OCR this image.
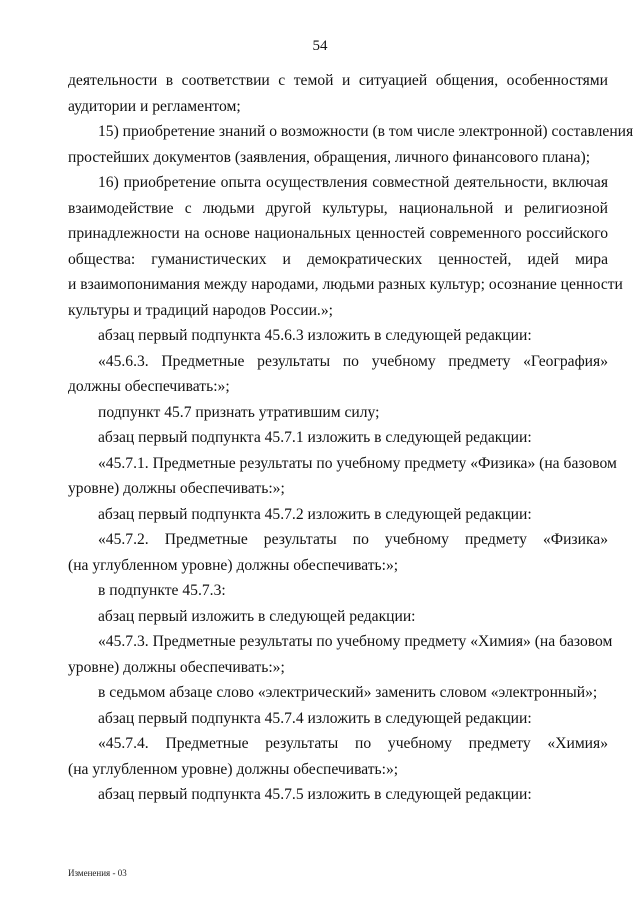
54

деятельности в соответствии с темой и ситуацией общения, особенностями
аудитории и регламентом;

15) приобретение знаний о возможности (в том числе электронной) составления
простейших документов (заявления, обращения, личного финансового плана);

16) приобретение опыта осуществления совместной деятельности, включая
взаимодействие с людьми другой культуры, национальной и религиозной
принадлежности на основе национальных ценностей современного российского
общества: гуманистических и демократических ценностей, идей мира
и взаимопонимания между народами, людьми разных культур; осознание ценности
культуры и традиций народов России.»;

абзац первый подпункта 45.6.3 изложить в следующей редакции:

«45.6.3. Предметные результаты по учебному предмету «География»
должны обеспечивать:»;

подпункт 45.7 признать утратившим силу;

абзац первый подпункта 45.7.1 изложить в следующей редакции:

«45.7.1. Предметные результаты по учебному предмету «Физика» (на базовом
уровне) должны обеспечивать:»;

абзац первый подпункта 45.7.2 изложить в следующей редакции:

«45.7.2. Предметные результаты по учебному предмету «Физика»
(на углубленном уровне) должны обеспечивать:»;

в подпункте 45.7.3:

абзац первый изложить в следующей редакции:

«45.7.3. Предметные результаты по учебному предмету «Химия» (на базовом
уровне) должны обеспечивать:»;

в седьмом абзаце слово «электрический» заменить словом «электронный»;

абзац первый подпункта 45.7.4 изложить в следующей редакции:

«45.7.4. Предметные результаты по учебному предмету «Химия»
(на углубленном уровне) должны обеспечивать:»;

абзац первый подпункта 45.7.5 изложить в следующей редакции:

Изменения - 03
